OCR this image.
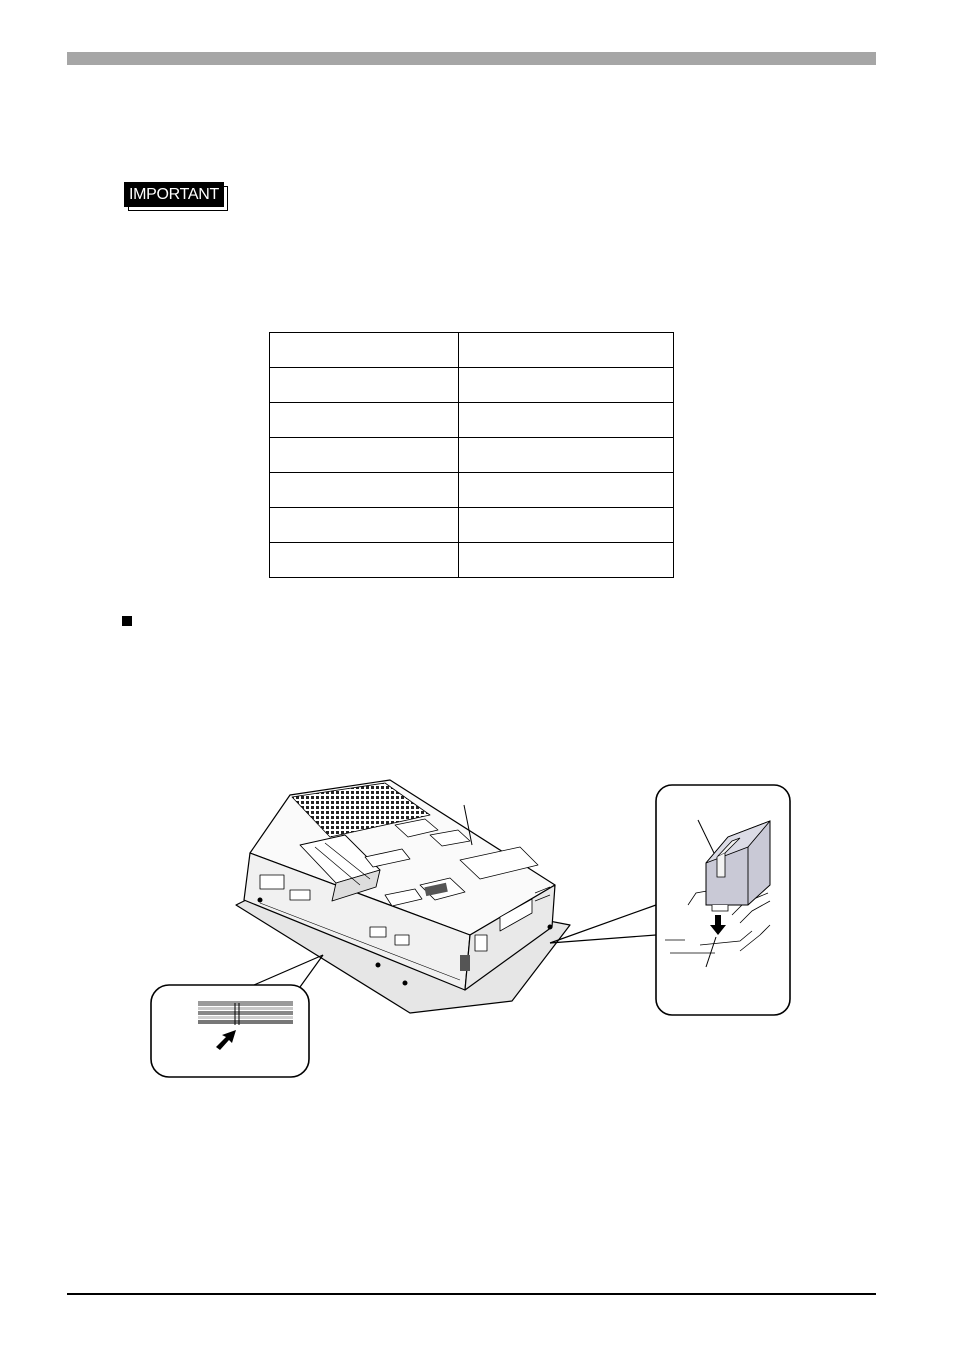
IMPORTANT
